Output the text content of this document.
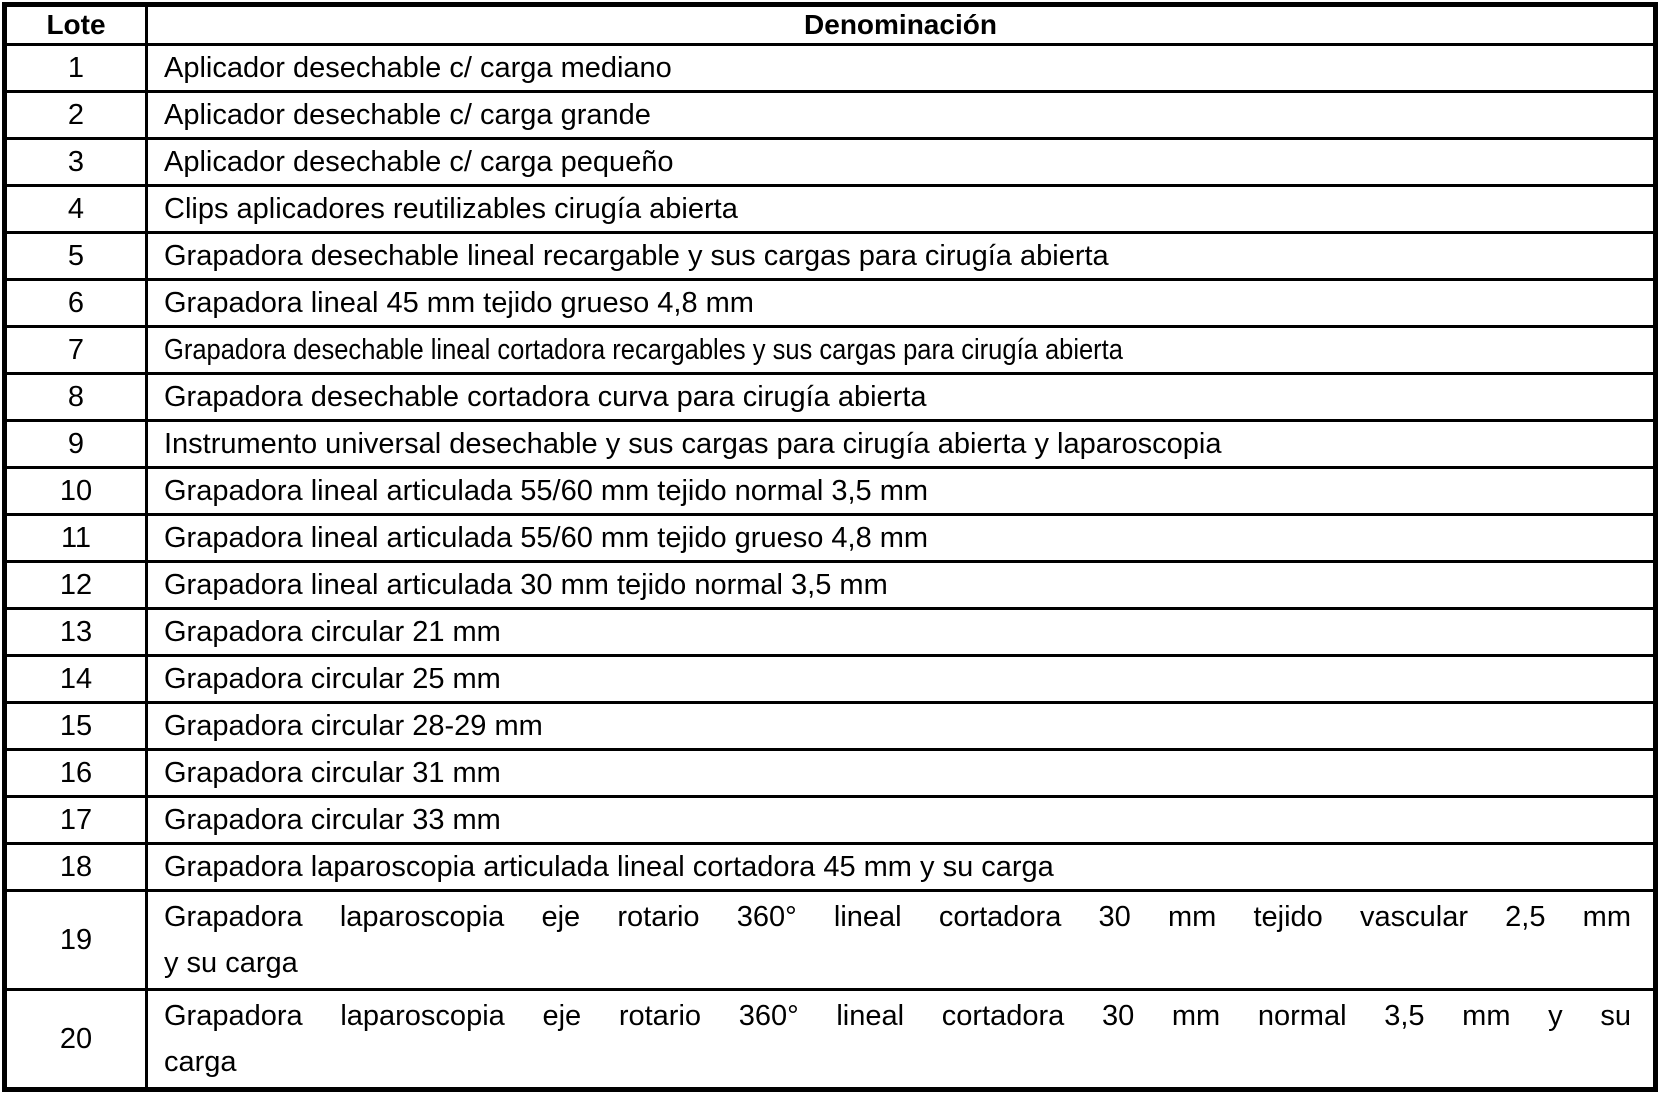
Lote	Denominación
1	Aplicador desechable c/ carga mediano
2	Aplicador desechable c/ carga grande
3	Aplicador desechable c/ carga pequeño
4	Clips aplicadores reutilizables cirugía abierta
5	Grapadora desechable lineal recargable y sus cargas para cirugía abierta
6	Grapadora lineal 45 mm tejido grueso 4,8 mm
7	Grapadora desechable lineal cortadora recargables y sus cargas para cirugía abierta
8	Grapadora desechable cortadora curva para cirugía abierta
9	Instrumento universal desechable y sus cargas para cirugía abierta y laparoscopia
10	Grapadora lineal articulada 55/60 mm tejido normal 3,5 mm
11	Grapadora lineal articulada 55/60 mm tejido grueso 4,8 mm
12	Grapadora lineal articulada 30 mm tejido normal 3,5 mm
13	Grapadora circular 21 mm
14	Grapadora circular 25 mm
15	Grapadora circular 28-29 mm
16	Grapadora circular 31 mm
17	Grapadora circular 33 mm
18	Grapadora laparoscopia articulada lineal cortadora 45 mm y su carga
19	Grapadora laparoscopia eje rotario 360° lineal cortadora 30 mm tejido vascular 2,5 mm
y su carga

20	Grapadora laparoscopia eje rotario 360° lineal cortadora 30 mm normal 3,5 mm y su
carga
